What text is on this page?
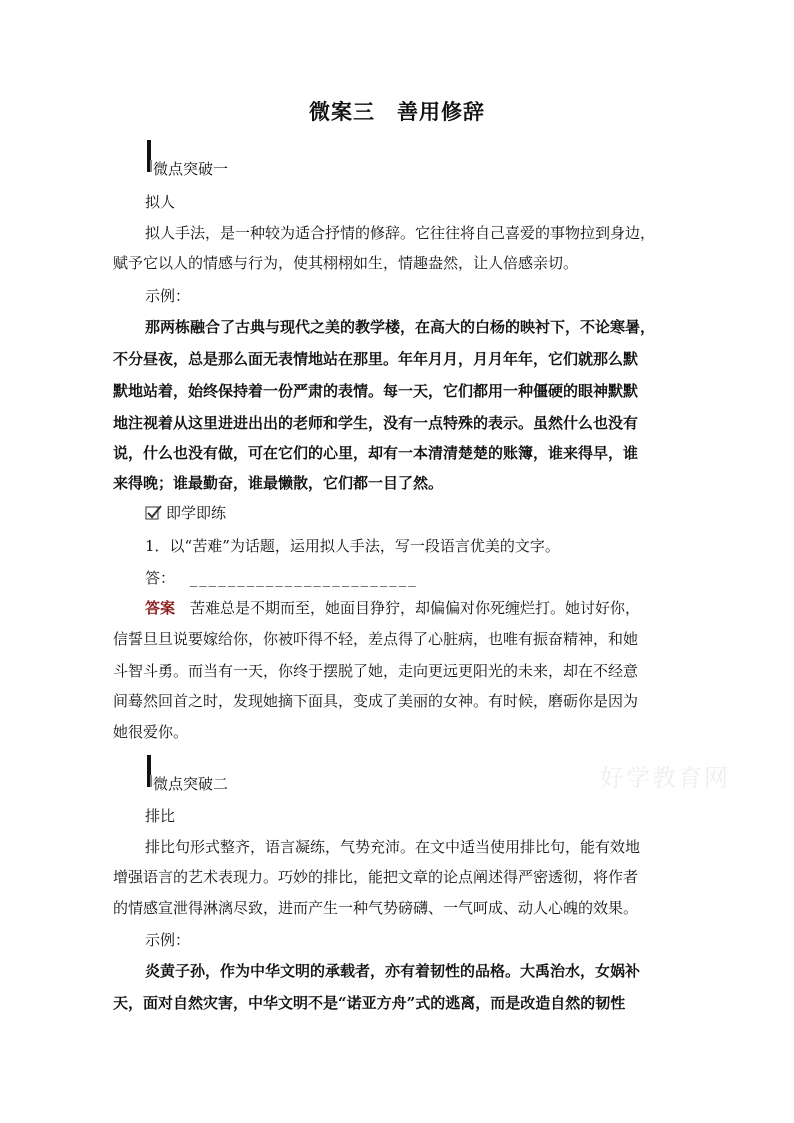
微案三　善用修辞
微点突破一
拟人
拟人手法，是一种较为适合抒情的修辞。它往往将自己喜爱的事物拉到身边，
赋予它以人的情感与行为，使其栩栩如生，情趣盎然，让人倍感亲切。
示例：
那两栋融合了古典与现代之美的教学楼，在高大的白杨的映衬下，不论寒暑，
不分昼夜，总是那么面无表情地站在那里。年年月月，月月年年，它们就那么默
默地站着，始终保持着一份严肃的表情。每一天，它们都用一种僵硬的眼神默默
地注视着从这里进进出出的老师和学生，没有一点特殊的表示。虽然什么也没有
说，什么也没有做，可在它们的心里，却有一本清清楚楚的账簿，谁来得早，谁
来得晚；谁最勤奋，谁最懒散，它们都一目了然。
即学即练
1．以“苦难”为话题，运用拟人手法，写一段语言优美的文字。
答： ________________________
答案　苦难总是不期而至，她面目狰狞，却偏偏对你死缠烂打。她讨好你，
信誓旦旦说要嫁给你，你被吓得不轻，差点得了心脏病，也唯有振奋精神，和她
斗智斗勇。而当有一天，你终于摆脱了她，走向更远更阳光的未来，却在不经意
间蓦然回首之时，发现她摘下面具，变成了美丽的女神。有时候，磨砺你是因为
她很爱你。
微点突破二
排比
排比句形式整齐，语言凝练，气势充沛。在文中适当使用排比句，能有效地
增强语言的艺术表现力。巧妙的排比，能把文章的论点阐述得严密透彻，将作者
的情感宣泄得淋漓尽致，进而产生一种气势磅礴、一气呵成、动人心魄的效果。
示例：
炎黄子孙，作为中华文明的承载者，亦有着韧性的品格。大禹治水，女娲补
天，面对自然灾害，中华文明不是“诺亚方舟”式的逃离，而是改造自然的韧性
好学教育网
